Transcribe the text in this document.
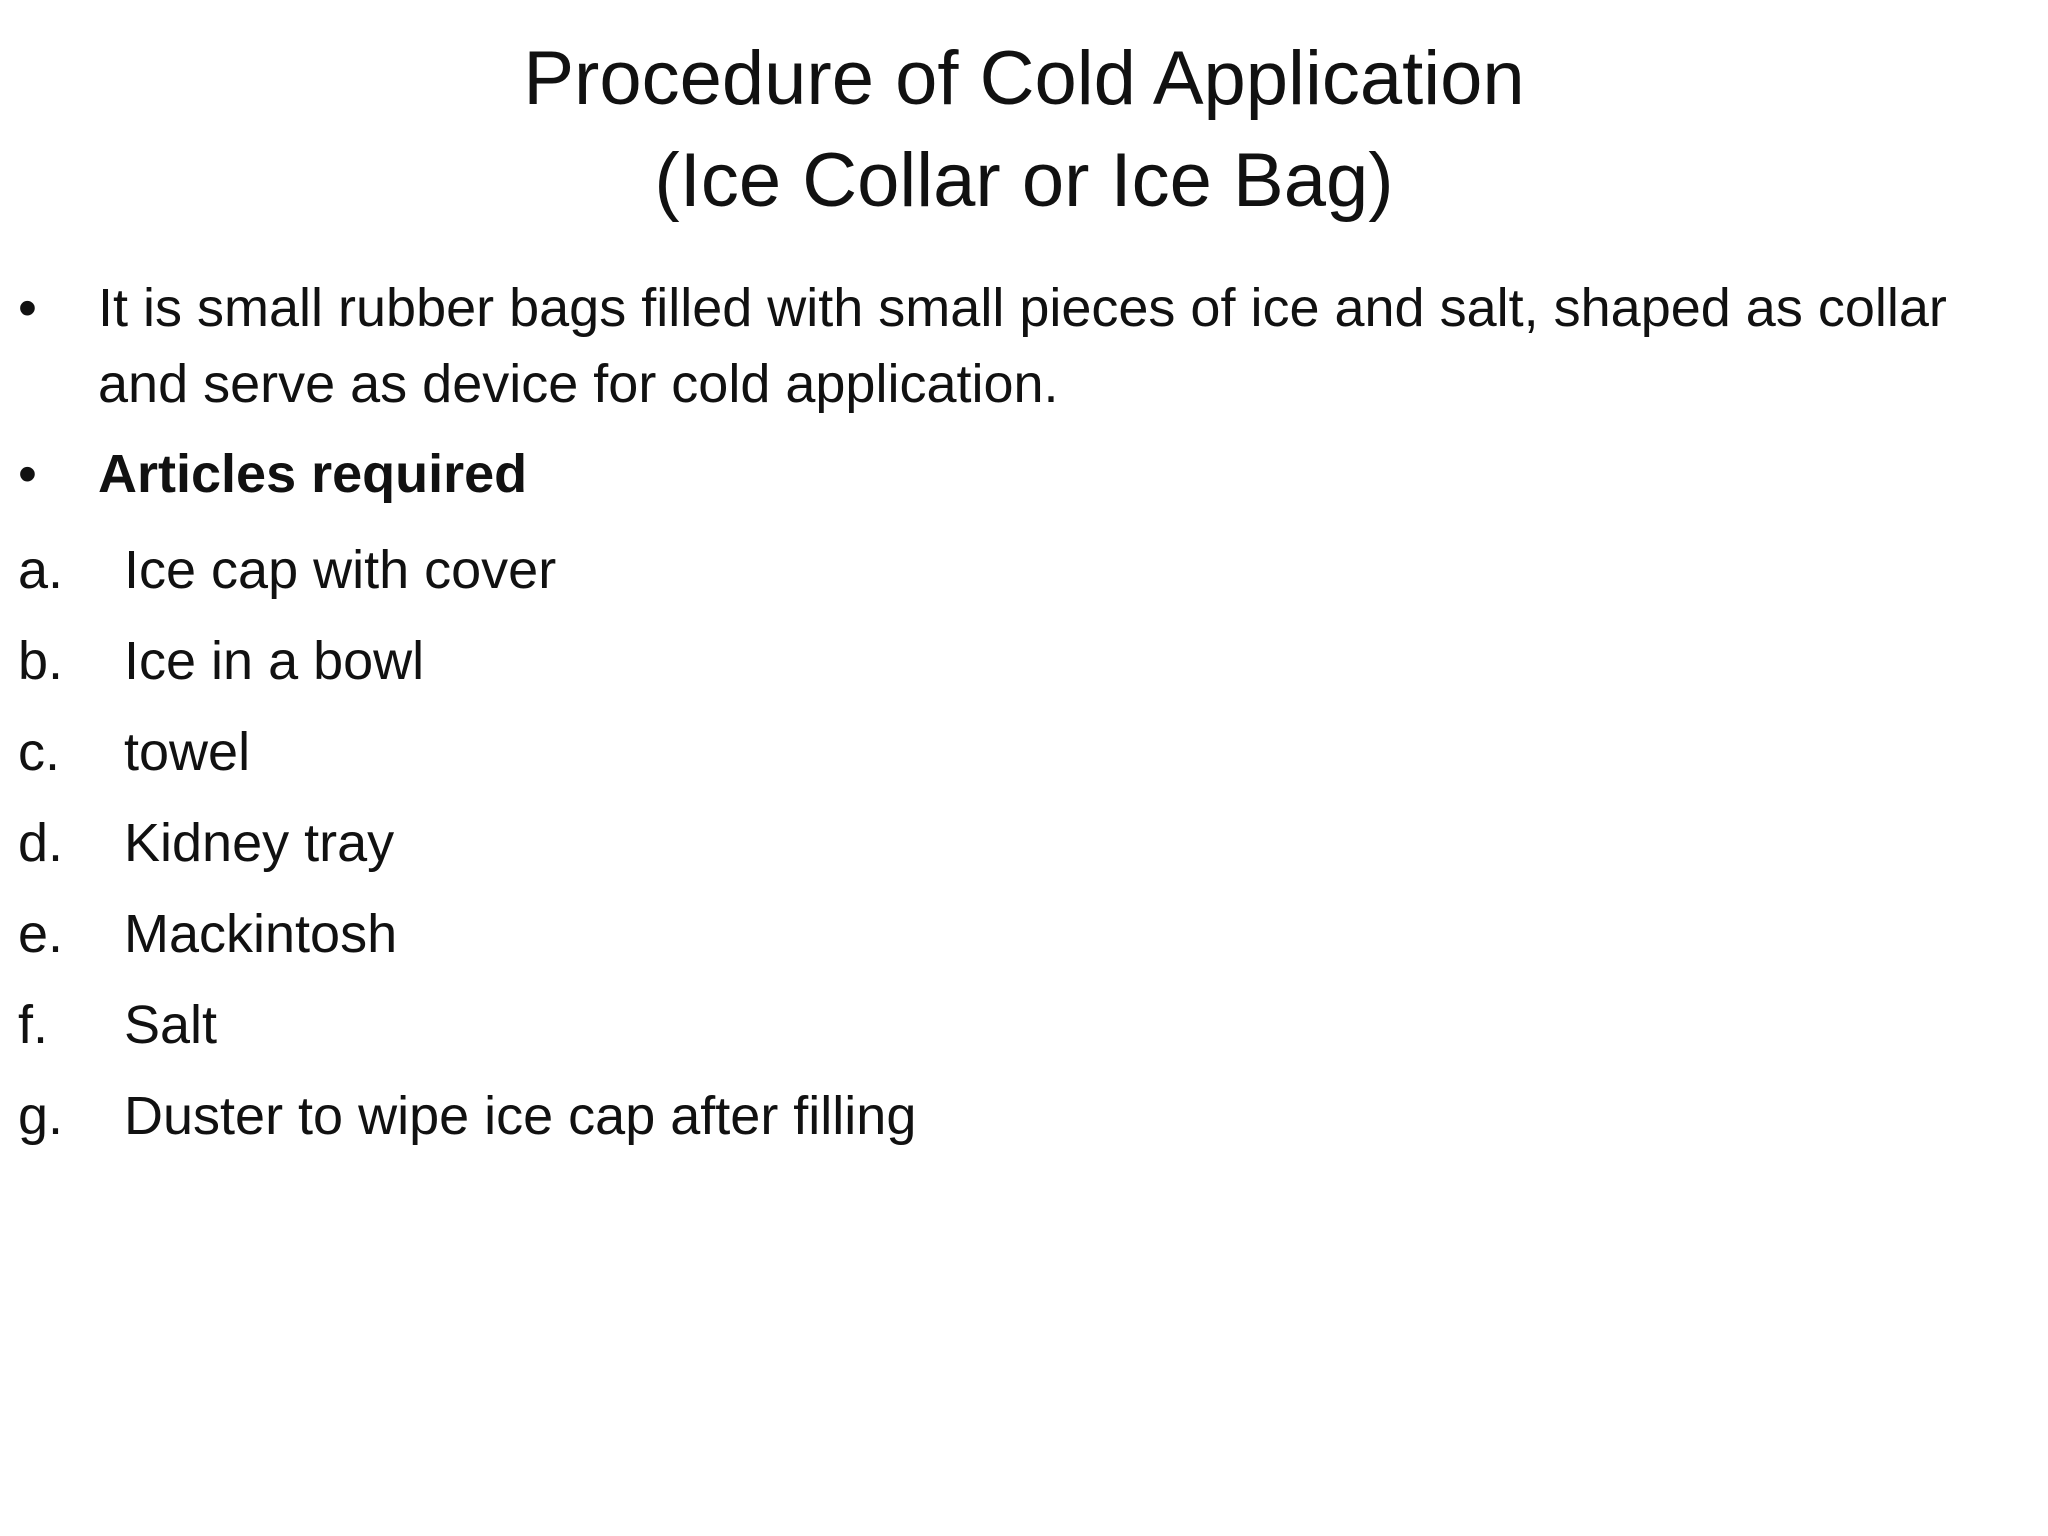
Procedure of Cold Application
(Ice Collar or Ice Bag)
•	It is small rubber bags filled with small pieces of ice and salt, shaped as collar and serve as device for cold application.
•	Articles required
a.	Ice cap with cover
b.	Ice in a bowl
c.	towel
d.	Kidney tray
e.	Mackintosh
f.	Salt
g.	Duster to wipe ice cap after filling
